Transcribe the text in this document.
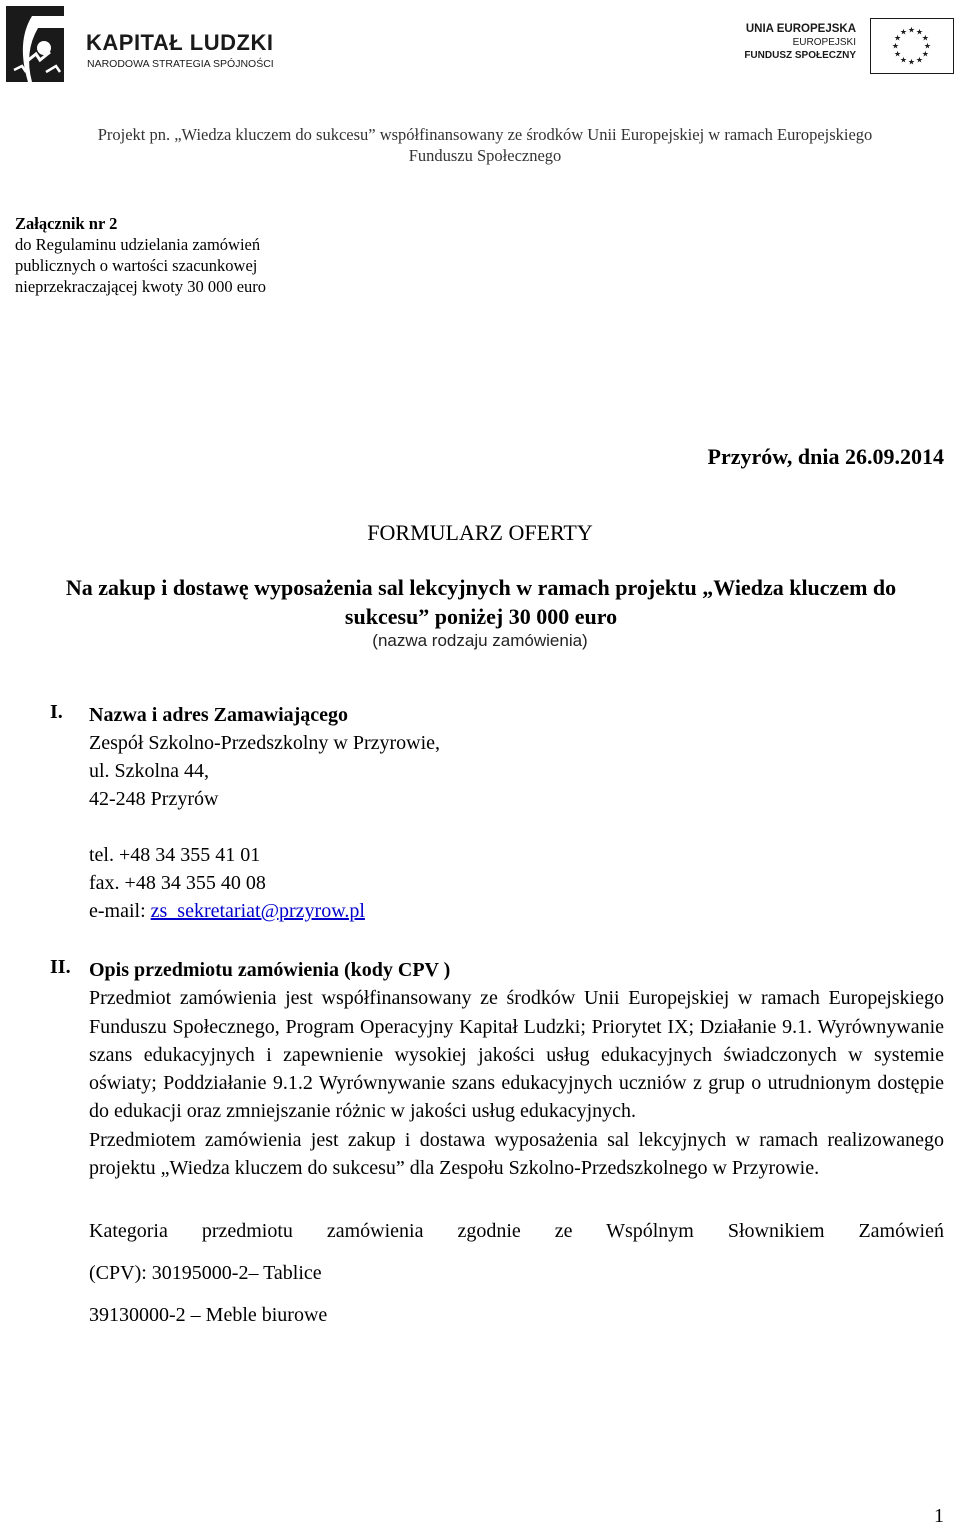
KAPITAŁ LUDZKI
NARODOWA STRATEGIA SPÓJNOŚCI
UNIA EUROPEJSKA
EUROPEJSKI
FUNDUSZ SPOŁECZNY
★ ★
★
★
★
★
★
★
★
★
★
★
Projekt pn. „Wiedza kluczem do sukcesu” współfinansowany ze środków Unii Europejskiej w ramach Europejskiego
Funduszu Społecznego
Załącznik nr 2
do Regulaminu udzielania zamówień
publicznych o wartości szacunkowej
nieprzekraczającej kwoty 30 000 euro
Przyrów, dnia 26.09.2014
FORMULARZ OFERTY
Na zakup i dostawę wyposażenia sal lekcyjnych w ramach projektu „Wiedza kluczem do
sukcesu” poniżej 30 000 euro
(nazwa rodzaju zamówienia)
I. Nazwa i adres Zamawiającego
Zespół Szkolno-Przedszkolny w Przyrowie,
ul. Szkolna 44,
42-248 Przyrów
tel. +48 34 355 41 01
fax. +48 34 355 40 08
e-mail: zs_sekretariat@przyrow.pl
II. Opis przedmiotu zamówienia (kody CPV )
Przedmiot zamówienia jest współfinansowany ze środków Unii Europejskiej w ramach Europejskiego Funduszu Społecznego, Program Operacyjny Kapitał Ludzki; Priorytet IX; Działanie 9.1. Wyrównywanie szans edukacyjnych i zapewnienie wysokiej jakości usług edukacyjnych świadczonych w systemie oświaty; Poddziałanie 9.1.2 Wyrównywanie szans edukacyjnych uczniów z grup o utrudnionym dostępie do edukacji oraz zmniejszanie różnic w jakości usług edukacyjnych.
Przedmiotem zamówienia jest zakup i dostawa wyposażenia sal lekcyjnych w ramach realizowanego projektu „Wiedza kluczem do sukcesu” dla Zespołu Szkolno-Przedszkolnego w Przyrowie.
Kategoria przedmiotu zamówienia zgodnie ze Wspólnym Słownikiem Zamówień
(CPV): 30195000-2– Tablice
39130000-2 – Meble biurowe
1
